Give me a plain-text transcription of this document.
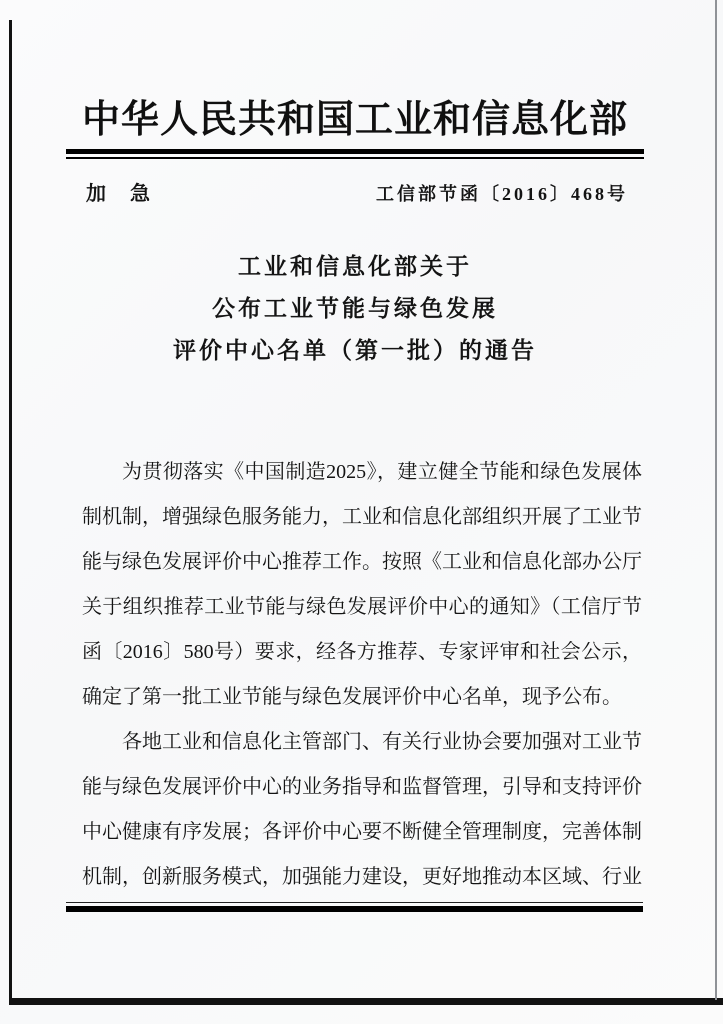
中华人民共和国工业和信息化部
加　急	工信部节函〔2016〕468号
工业和信息化部关于
公布工业节能与绿色发展
评价中心名单（第一批）的通告
为贯彻落实《中国制造2025》，建立健全节能和绿色发展体
制机制，增强绿色服务能力，工业和信息化部组织开展了工业节
能与绿色发展评价中心推荐工作。按照《工业和信息化部办公厅
关于组织推荐工业节能与绿色发展评价中心的通知》（工信厅节
函〔2016〕580号）要求，经各方推荐、专家评审和社会公示，
确定了第一批工业节能与绿色发展评价中心名单，现予公布。
各地工业和信息化主管部门、有关行业协会要加强对工业节
能与绿色发展评价中心的业务指导和监督管理，引导和支持评价
中心健康有序发展；各评价中心要不断健全管理制度，完善体制
机制，创新服务模式，加强能力建设，更好地推动本区域、行业
